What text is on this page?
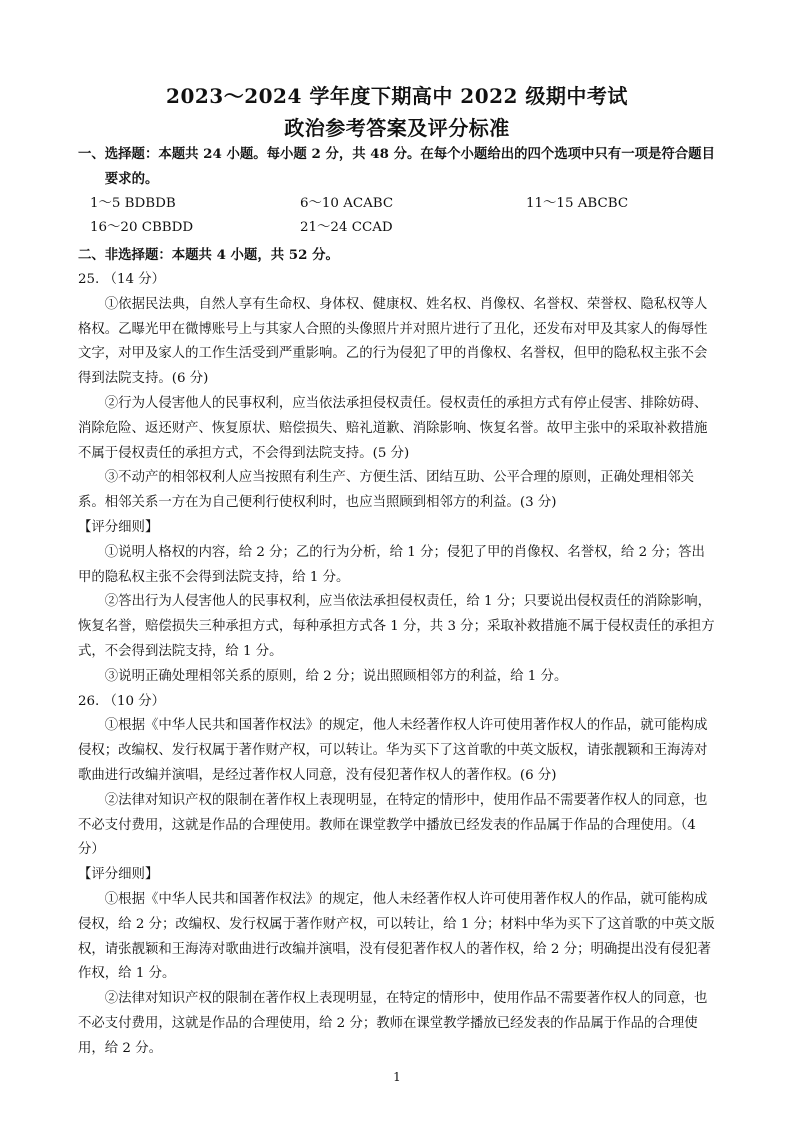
2023～2024 学年度下期高中 2022 级期中考试
政治参考答案及评分标准

一、选择题：本题共 24 小题。每小题 2 分，共 48 分。在每个小题给出的四个选项中只有一项是符合题目

要求的。

1～5 BDBDB	6～10 ACABC	11～15 ABCBC
16～20 CBBDD	21～24 CCAD

二、非选择题：本题共 4 小题，共 52 分。

25. （14 分）

①依据民法典，自然人享有生命权、身体权、健康权、姓名权、肖像权、名誉权、荣誉权、隐私权等人格权。乙曝光甲在微博账号上与其家人合照的头像照片并对照片进行了丑化，还发布对甲及其家人的侮辱性文字，对甲及家人的工作生活受到严重影响。乙的行为侵犯了甲的肖像权、名誉权，但甲的隐私权主张不会得到法院支持。(6 分)

②行为人侵害他人的民事权利，应当依法承担侵权责任。侵权责任的承担方式有停止侵害、排除妨碍、消除危险、返还财产、恢复原状、赔偿损失、赔礼道歉、消除影响、恢复名誉。故甲主张中的采取补救措施不属于侵权责任的承担方式，不会得到法院支持。(5 分)

③不动产的相邻权利人应当按照有利生产、方便生活、团结互助、公平合理的原则，正确处理相邻关系。相邻关系一方在为自己便利行使权利时，也应当照顾到相邻方的利益。(3 分)

【评分细则】

①说明人格权的内容，给 2 分；乙的行为分析，给 1 分；侵犯了甲的肖像权、名誉权，给 2 分；答出甲的隐私权主张不会得到法院支持，给 1 分。

②答出行为人侵害他人的民事权利，应当依法承担侵权责任，给 1 分；只要说出侵权责任的消除影响，恢复名誉，赔偿损失三种承担方式，每种承担方式各 1 分，共 3 分；采取补救措施不属于侵权责任的承担方式，不会得到法院支持，给 1 分。

③说明正确处理相邻关系的原则，给 2 分；说出照顾相邻方的利益，给 1 分。

26. （10 分）

①根据《中华人民共和国著作权法》的规定，他人未经著作权人许可使用著作权人的作品，就可能构成侵权；改编权、发行权属于著作财产权，可以转让。华为买下了这首歌的中英文版权，请张靓颖和王海涛对歌曲进行改编并演唱，是经过著作权人同意，没有侵犯著作权人的著作权。(6 分)

②法律对知识产权的限制在著作权上表现明显，在特定的情形中，使用作品不需要著作权人的同意，也不必支付费用，这就是作品的合理使用。教师在课堂教学中播放已经发表的作品属于作品的合理使用。（4 分）

【评分细则】

①根据《中华人民共和国著作权法》的规定，他人未经著作权人许可使用著作权人的作品，就可能构成侵权，给 2 分；改编权、发行权属于著作财产权，可以转让，给 1 分；材料中华为买下了这首歌的中英文版权，请张靓颖和王海涛对歌曲进行改编并演唱，没有侵犯著作权人的著作权，给 2 分；明确提出没有侵犯著作权，给 1 分。

②法律对知识产权的限制在著作权上表现明显，在特定的情形中，使用作品不需要著作权人的同意，也不必支付费用，这就是作品的合理使用，给 2 分；教师在课堂教学播放已经发表的作品属于作品的合理使用，给 2 分。

1
